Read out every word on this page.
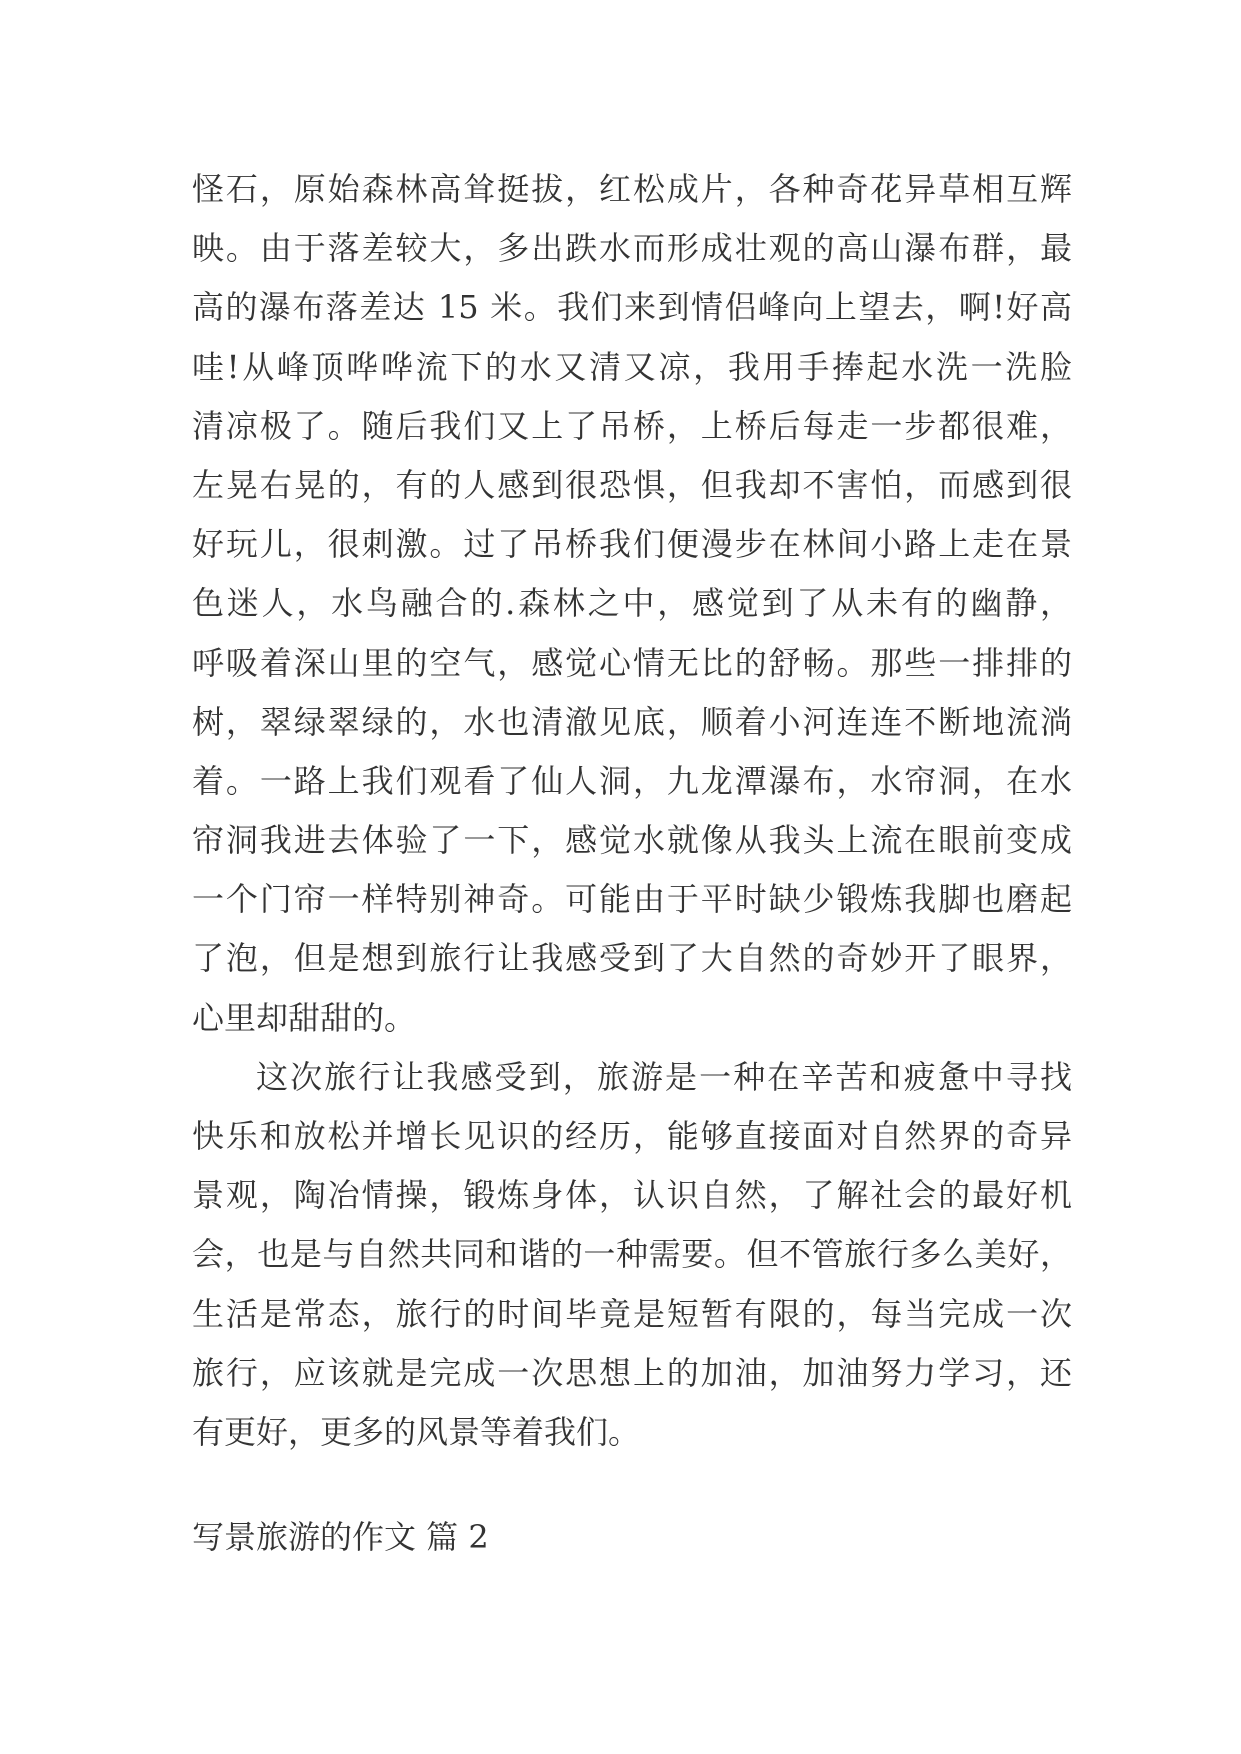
怪石，原始森林高耸挺拔，红松成片，各种奇花异草相互辉
映。由于落差较大，多出跌水而形成壮观的高山瀑布群，最
高的瀑布落差达 15 米。我们来到情侣峰向上望去，啊!好高
哇!从峰顶哗哗流下的水又清又凉，我用手捧起水洗一洗脸
清凉极了。随后我们又上了吊桥，上桥后每走一步都很难，
左晃右晃的，有的人感到很恐惧，但我却不害怕，而感到很
好玩儿，很刺激。过了吊桥我们便漫步在林间小路上走在景
色迷人，水鸟融合的.森林之中，感觉到了从未有的幽静，
呼吸着深山里的空气，感觉心情无比的舒畅。那些一排排的
树，翠绿翠绿的，水也清澈见底，顺着小河连连不断地流淌
着。一路上我们观看了仙人洞，九龙潭瀑布，水帘洞，在水
帘洞我进去体验了一下，感觉水就像从我头上流在眼前变成
一个门帘一样特别神奇。可能由于平时缺少锻炼我脚也磨起
了泡，但是想到旅行让我感受到了大自然的奇妙开了眼界，
心里却甜甜的。
这次旅行让我感受到，旅游是一种在辛苦和疲惫中寻找
快乐和放松并增长见识的经历，能够直接面对自然界的奇异
景观，陶冶情操，锻炼身体，认识自然，了解社会的最好机
会，也是与自然共同和谐的一种需要。但不管旅行多么美好，
生活是常态，旅行的时间毕竟是短暂有限的，每当完成一次
旅行，应该就是完成一次思想上的加油，加油努力学习，还
有更好，更多的风景等着我们。
写景旅游的作文 篇 2
